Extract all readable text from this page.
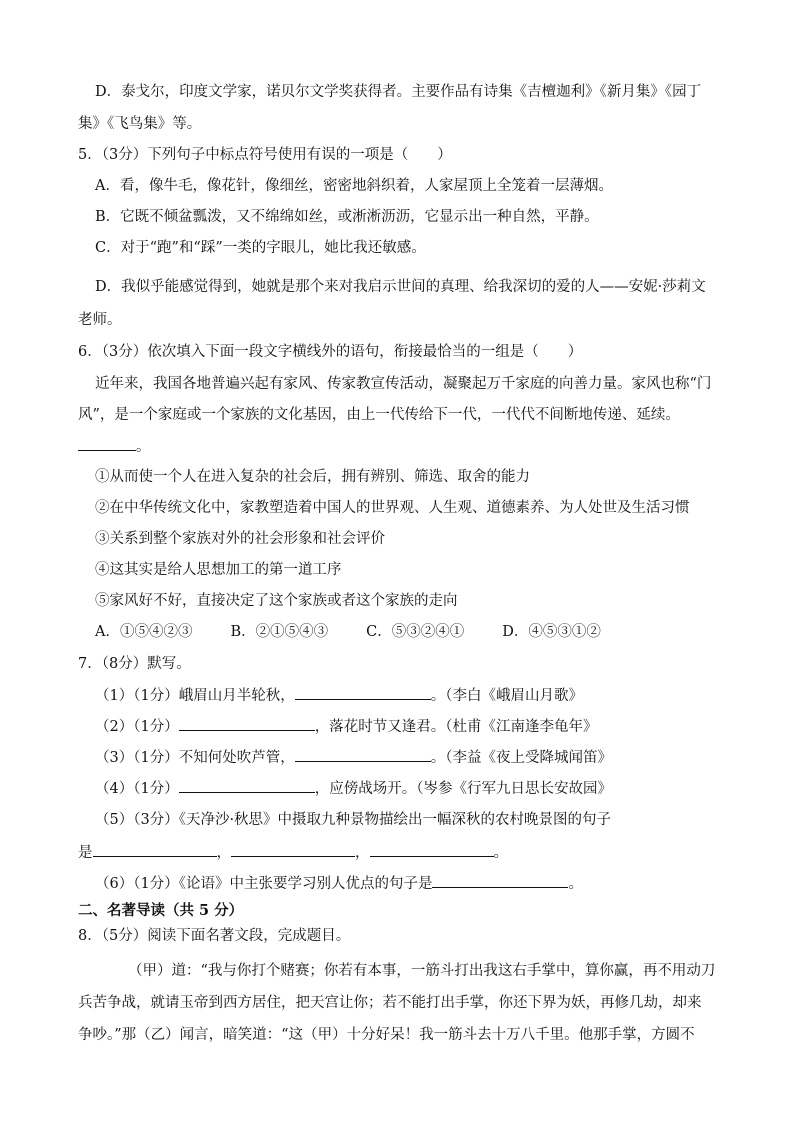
D．泰戈尔，印度文学家，诺贝尔文学奖获得者。主要作品有诗集《吉檀迦利》《新月集》《园丁
集》《飞鸟集》等。
5．（3分）下列句子中标点符号使用有误的一项是（　　）
A．看，像牛毛，像花针，像细丝，密密地斜织着，人家屋顶上全笼着一层薄烟。
B．它既不倾盆瓢泼，又不绵绵如丝，或淅淅沥沥，它显示出一种自然，平静。
C．对于“跑”和“踩”一类的字眼儿，她比我还敏感。
D．我似乎能感觉得到，她就是那个来对我启示世间的真理、给我深切的爱的人——安妮·莎莉文
老师。
6．（3分）依次填入下面一段文字横线外的语句，衔接最恰当的一组是（　　）
近年来，我国各地普遍兴起有家风、传家教宣传活动，凝聚起万千家庭的向善力量。家风也称“门
风”，是一个家庭或一个家族的文化基因，由上一代传给下一代，一代代不间断地传递、延续。
。
①从而使一个人在进入复杂的社会后，拥有辨别、筛选、取舍的能力
②在中华传统文化中，家教塑造着中国人的世界观、人生观、道德素养、为人处世及生活习惯
③关系到整个家族对外的社会形象和社会评价
④这其实是给人思想加工的第一道工序
⑤家风好不好，直接决定了这个家族或者这个家族的走向
A．①⑤④②③	B．②①⑤④③	C．⑤③②④①	D．④⑤③①②
7．（8分）默写。
（1）（1分）峨眉山月半轮秋，	。（李白《峨眉山月歌》
（2）（1分）	，落花时节又逢君。（杜甫《江南逢李龟年》
（3）（1分）不知何处吹芦管，	。（李益《夜上受降城闻笛》
（4）（1分）	，应傍战场开。（岑参《行军九日思长安故园》
（5）（3分）《天净沙·秋思》中摄取九种景物描绘出一幅深秋的农村晚景图的句子
是	，	，	。
（6）（1分）《论语》中主张要学习别人优点的句子是	。
二、名著导读（共 5 分）
8．（5分）阅读下面名著文段，完成题目。
（甲）道：“我与你打个赌赛；你若有本事，一筋斗打出我这右手掌中，算你赢，再不用动刀
兵苦争战，就请玉帝到西方居住，把天宫让你；若不能打出手掌，你还下界为妖，再修几劫，却来
争吵。”那（乙）闻言，暗笑道：“这（甲）十分好呆！我一筋斗去十万八千里。他那手掌，方圆不
